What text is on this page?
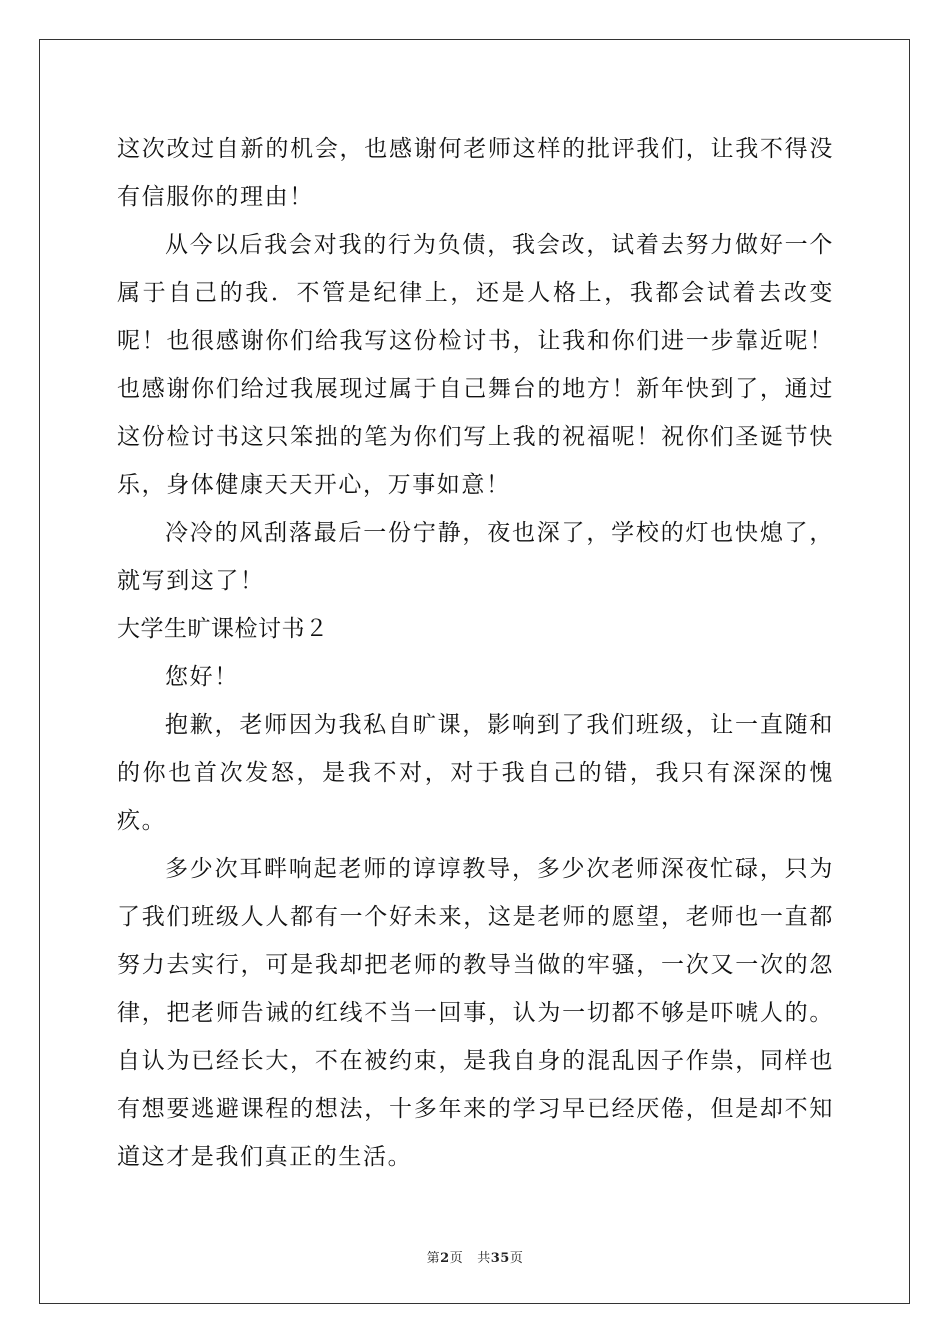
这次改过自新的机会，也感谢何老师这样的批评我们，让我不得没有信服你的理由！

从今以后我会对我的行为负债，我会改，试着去努力做好一个属于自己的我．不管是纪律上，还是人格上，我都会试着去改变呢！也很感谢你们给我写这份检讨书，让我和你们进一步靠近呢！也感谢你们给过我展现过属于自己舞台的地方！新年快到了，通过这份检讨书这只笨拙的笔为你们写上我的祝福呢！祝你们圣诞节快乐，身体健康天天开心，万事如意！

冷冷的风刮落最后一份宁静，夜也深了，学校的灯也快熄了，就写到这了！

大学生旷课检讨书２

您好！

抱歉，老师因为我私自旷课，影响到了我们班级，让一直随和的你也首次发怒，是我不对，对于我自己的错，我只有深深的愧疚。

多少次耳畔响起老师的谆谆教导，多少次老师深夜忙碌，只为了我们班级人人都有一个好未来，这是老师的愿望，老师也一直都努力去实行，可是我却把老师的教导当做的牢骚，一次又一次的忽律，把老师告诫的红线不当一回事，认为一切都不够是吓唬人的。自认为已经长大，不在被约束，是我自身的混乱因子作祟，同样也有想要逃避课程的想法，十多年来的学习早已经厌倦，但是却不知道这才是我们真正的生活。

第2页 共35页
